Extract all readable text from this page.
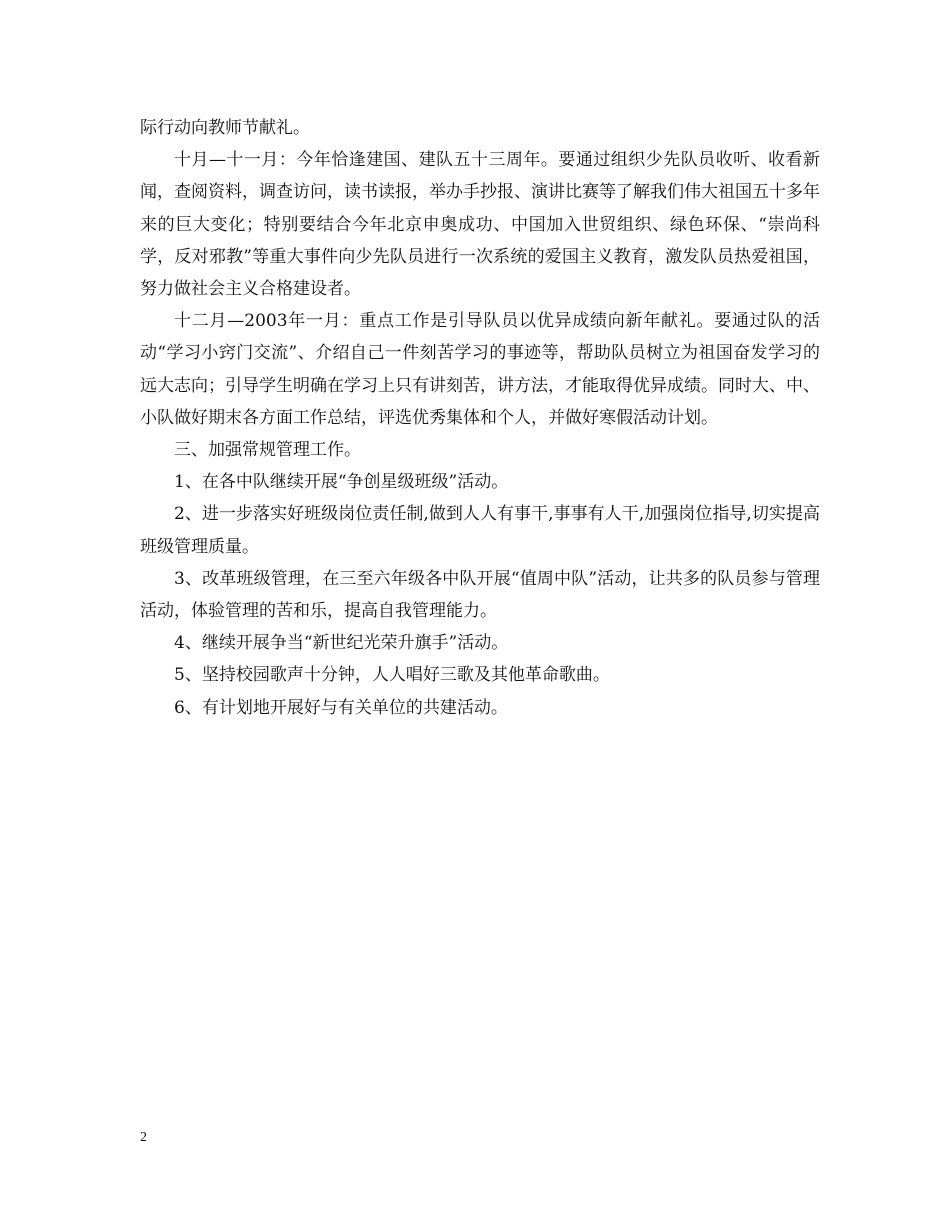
际行动向教师节献礼。

十月—十一月：今年恰逢建国、建队五十三周年。要通过组织少先队员收听、收看新闻，查阅资料，调查访问，读书读报，举办手抄报、演讲比赛等了解我们伟大祖国五十多年来的巨大变化；特别要结合今年北京申奥成功、中国加入世贸组织、绿色环保、“崇尚科学，反对邪教”等重大事件向少先队员进行一次系统的爱国主义教育，激发队员热爱祖国，努力做社会主义合格建设者。

十二月—2003年一月：重点工作是引导队员以优异成绩向新年献礼。要通过队的活动“学习小窍门交流”、介绍自己一件刻苦学习的事迹等，帮助队员树立为祖国奋发学习的远大志向；引导学生明确在学习上只有讲刻苦，讲方法，才能取得优异成绩。同时大、中、小队做好期末各方面工作总结，评选优秀集体和个人，并做好寒假活动计划。

三、加强常规管理工作。

1、在各中队继续开展“争创星级班级”活动。

2、进一步落实好班级岗位责任制,做到人人有事干,事事有人干,加强岗位指导,切实提高班级管理质量。

3、改革班级管理，在三至六年级各中队开展“值周中队”活动，让共多的队员参与管理活动，体验管理的苦和乐，提高自我管理能力。

4、继续开展争当“新世纪光荣升旗手”活动。

5、坚持校园歌声十分钟，人人唱好三歌及其他革命歌曲。

6、有计划地开展好与有关单位的共建活动。

2
